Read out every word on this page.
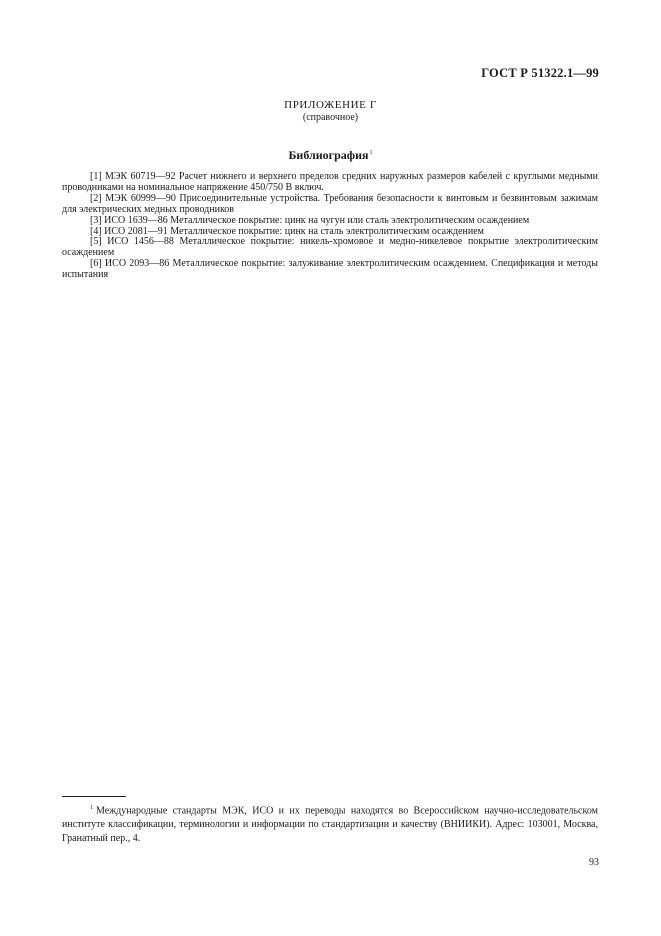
ГОСТ Р 51322.1—99
ПРИЛОЖЕНИЕ Г
(справочное)
Библиография$^1$

[1] МЭК 60719—92 Расчет нижнего и верхнего пределов средних наружных размеров кабелей с круглыми медными проводниками на номинальное напряжение 450/750 В включ.

[2] МЭК 60999—90 Присоединительные устройства. Требования безопасности к винтовым и безвинтовым зажимам для электрических медных проводников

[3] ИСО 1639—86 Металлическое покрытие: цинк на чугун или сталь электролитическим осаждением

[4] ИСО 2081—91 Металлическое покрытие: цинк на сталь электролитическим осаждением

[5] ИСО 1456—88 Металлическое покрытие: никель-хромовое и медно-никелевое покрытие электролитическим осаждением

[6] ИСО 2093—86 Металлическое покрытие: залуживание электролитическим осаждением. Спецификация и методы испытания

$^1$ Международные стандарты МЭК, ИСО и их переводы находятся во Всероссийском научно-исследовательском институте классификации, терминологии и информации по стандартизации и качеству (ВНИИКИ). Адрес: 103001, Москва, Гранатный пер., 4.
93
